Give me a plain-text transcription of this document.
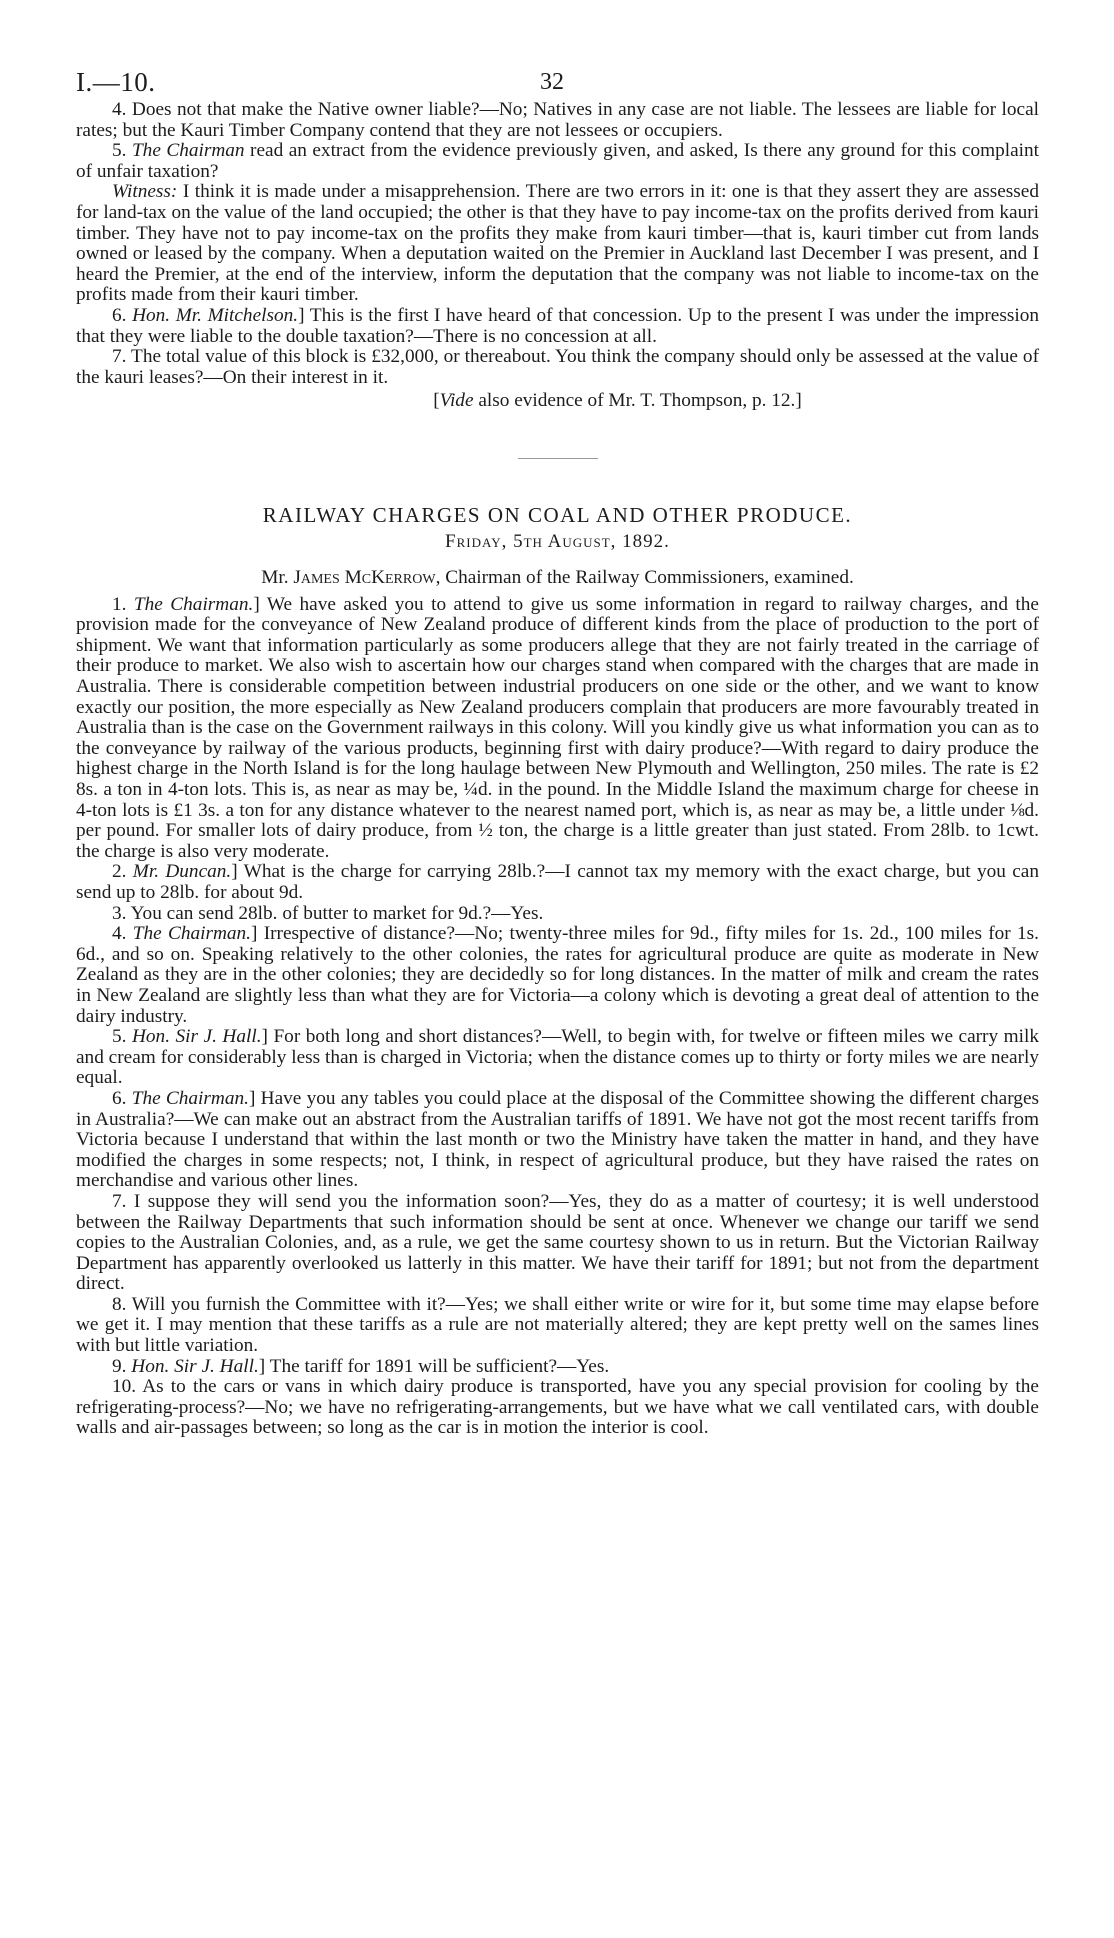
I.—10.	32

4. Does not that make the Native owner liable?—No; Natives in any case are not liable. The lessees are liable for local rates; but the Kauri Timber Company contend that they are not lessees or occupiers.

5. The Chairman read an extract from the evidence previously given, and asked, Is there any ground for this complaint of unfair taxation?

Witness: I think it is made under a misapprehension. There are two errors in it: one is that they assert they are assessed for land-tax on the value of the land occupied; the other is that they have to pay income-tax on the profits derived from kauri timber. They have not to pay income-tax on the profits they make from kauri timber—that is, kauri timber cut from lands owned or leased by the company. When a deputation waited on the Premier in Auckland last December I was present, and I heard the Premier, at the end of the interview, inform the deputation that the company was not liable to income-tax on the profits made from their kauri timber.

6. Hon. Mr. Mitchelson.] This is the first I have heard of that concession. Up to the present I was under the impression that they were liable to the double taxation?—There is no concession at all.

7. The total value of this block is £32,000, or thereabout. You think the company should only be assessed at the value of the kauri leases?—On their interest in it.

[Vide also evidence of Mr. T. Thompson, p. 12.]

RAILWAY CHARGES ON COAL AND OTHER PRODUCE.

Friday, 5th August, 1892.

Mr. James McKerrow, Chairman of the Railway Commissioners, examined.

1. The Chairman.] We have asked you to attend to give us some information in regard to railway charges, and the provision made for the conveyance of New Zealand produce of different kinds from the place of production to the port of shipment. We want that information particularly as some producers allege that they are not fairly treated in the carriage of their produce to market. We also wish to ascertain how our charges stand when compared with the charges that are made in Australia. There is considerable competition between industrial producers on one side or the other, and we want to know exactly our position, the more especially as New Zealand producers complain that producers are more favourably treated in Australia than is the case on the Government railways in this colony. Will you kindly give us what information you can as to the conveyance by railway of the various products, beginning first with dairy produce?—With regard to dairy produce the highest charge in the North Island is for the long haulage between New Plymouth and Wellington, 250 miles. The rate is £2 8s. a ton in 4-ton lots. This is, as near as may be, ¼d. in the pound. In the Middle Island the maximum charge for cheese in 4-ton lots is £1 3s. a ton for any distance whatever to the nearest named port, which is, as near as may be, a little under ⅛d. per pound. For smaller lots of dairy produce, from ½ ton, the charge is a little greater than just stated. From 28lb. to 1cwt. the charge is also very moderate.

2. Mr. Duncan.] What is the charge for carrying 28lb.?—I cannot tax my memory with the exact charge, but you can send up to 28lb. for about 9d.

3. You can send 28lb. of butter to market for 9d.?—Yes.

4. The Chairman.] Irrespective of distance?—No; twenty-three miles for 9d., fifty miles for 1s. 2d., 100 miles for 1s. 6d., and so on. Speaking relatively to the other colonies, the rates for agricultural produce are quite as moderate in New Zealand as they are in the other colonies; they are decidedly so for long distances. In the matter of milk and cream the rates in New Zealand are slightly less than what they are for Victoria—a colony which is devoting a great deal of attention to the dairy industry.

5. Hon. Sir J. Hall.] For both long and short distances?—Well, to begin with, for twelve or fifteen miles we carry milk and cream for considerably less than is charged in Victoria; when the distance comes up to thirty or forty miles we are nearly equal.

6. The Chairman.] Have you any tables you could place at the disposal of the Committee showing the different charges in Australia?—We can make out an abstract from the Australian tariffs of 1891. We have not got the most recent tariffs from Victoria because I understand that within the last month or two the Ministry have taken the matter in hand, and they have modified the charges in some respects; not, I think, in respect of agricultural produce, but they have raised the rates on merchandise and various other lines.

7. I suppose they will send you the information soon?—Yes, they do as a matter of courtesy; it is well understood between the Railway Departments that such information should be sent at once. Whenever we change our tariff we send copies to the Australian Colonies, and, as a rule, we get the same courtesy shown to us in return. But the Victorian Railway Department has apparently overlooked us latterly in this matter. We have their tariff for 1891; but not from the department direct.

8. Will you furnish the Committee with it?—Yes; we shall either write or wire for it, but some time may elapse before we get it. I may mention that these tariffs as a rule are not materially altered; they are kept pretty well on the sames lines with but little variation.

9. Hon. Sir J. Hall.] The tariff for 1891 will be sufficient?—Yes.

10. As to the cars or vans in which dairy produce is transported, have you any special provision for cooling by the refrigerating-process?—No; we have no refrigerating-arrangements, but we have what we call ventilated cars, with double walls and air-passages between; so long as the car is in motion the interior is cool.
